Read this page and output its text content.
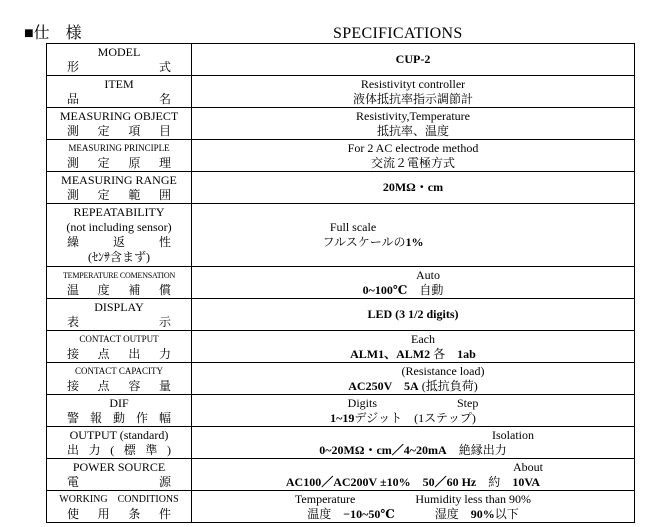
■仕　様	SPECIFICATIONS
MODEL
形式	CUP-2

ITEM
品名	Resistivityt controller
液体抵抗率指示調節計

MEASURING OBJECT
測定項目	Resistivity,Temperature
抵抗率、温度

MEASURING PRINCIPLE
測定原理	For 2 AC electrode method
交流２電極方式

MEASURING RANGE
測定範囲	20MΩ・cm

REPEATABILITY
(not including sensor)
繰返性
(ｾﾝｻ含まず)	Full scale
フルスケールの1%

TEMPERATURE COMENSATION
温度補償	Auto
0~100℃　 自動

DISPLAY
表示	LED (3 1/2 digits)

CONTACT OUTPUT
接点出力	Each
ALM1、ALM2 各　 1ab

CONTACT CAPACITY
接点容量	(Resistance load)
AC250V　5A (抵抗負荷)

DIF
警報動作幅	Digits Step
1~19デジット　(1ステップ)

OUTPUT (standard)
出力(標準)	Isolation
0~20MΩ・cm／4~20mA　 絶縁出力

POWER SOURCE
電源	About
AC100／AC200V ±10%　50／60 Hz　 約　 10VA

WORKING　CONDITIONS
使用条件	Temperature Humidity less than 90%
温度　 −10~50℃ 湿度　 90%以下
